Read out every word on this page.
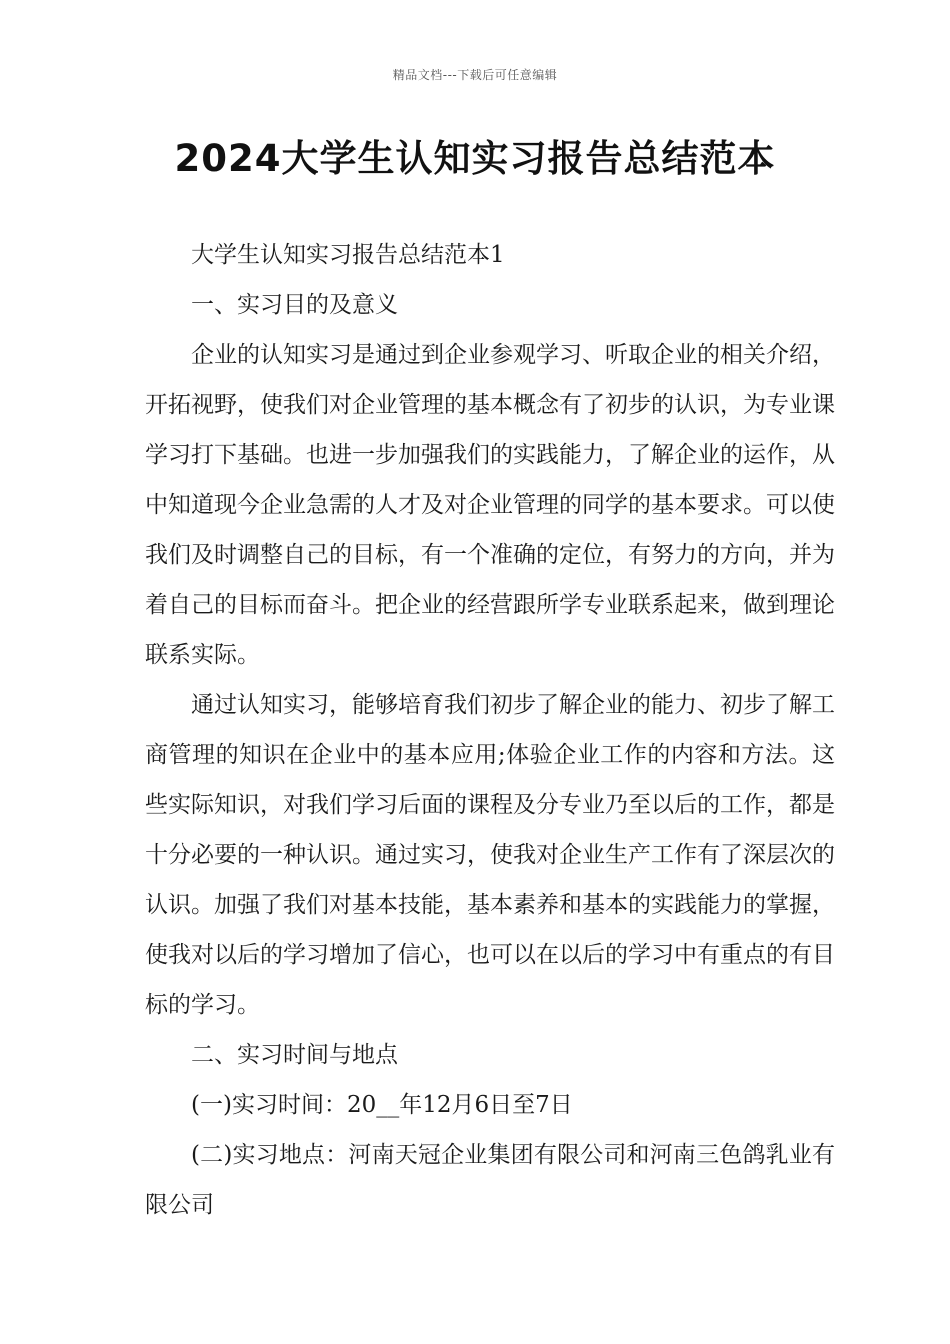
精品文档---下载后可任意编辑
2024大学生认知实习报告总结范本

大学生认知实习报告总结范本1

一、实习目的及意义

企业的认知实习是通过到企业参观学习、听取企业的相关介绍，开拓视野，使我们对企业管理的基本概念有了初步的认识，为专业课学习打下基础。也进一步加强我们的实践能力，了解企业的运作，从中知道现今企业急需的人才及对企业管理的同学的基本要求。可以使我们及时调整自己的目标，有一个准确的定位，有努力的方向，并为着自己的目标而奋斗。把企业的经营跟所学专业联系起来，做到理论联系实际。

通过认知实习，能够培育我们初步了解企业的能力、初步了解工商管理的知识在企业中的基本应用;体验企业工作的内容和方法。这些实际知识，对我们学习后面的课程及分专业乃至以后的工作，都是十分必要的一种认识。通过实习，使我对企业生产工作有了深层次的认识。加强了我们对基本技能，基本素养和基本的实践能力的掌握，使我对以后的学习增加了信心，也可以在以后的学习中有重点的有目标的学习。

二、实习时间与地点

(一)实习时间：20__年12月6日至7日

(二)实习地点：河南天冠企业集团有限公司和河南三色鸽乳业有限公司
